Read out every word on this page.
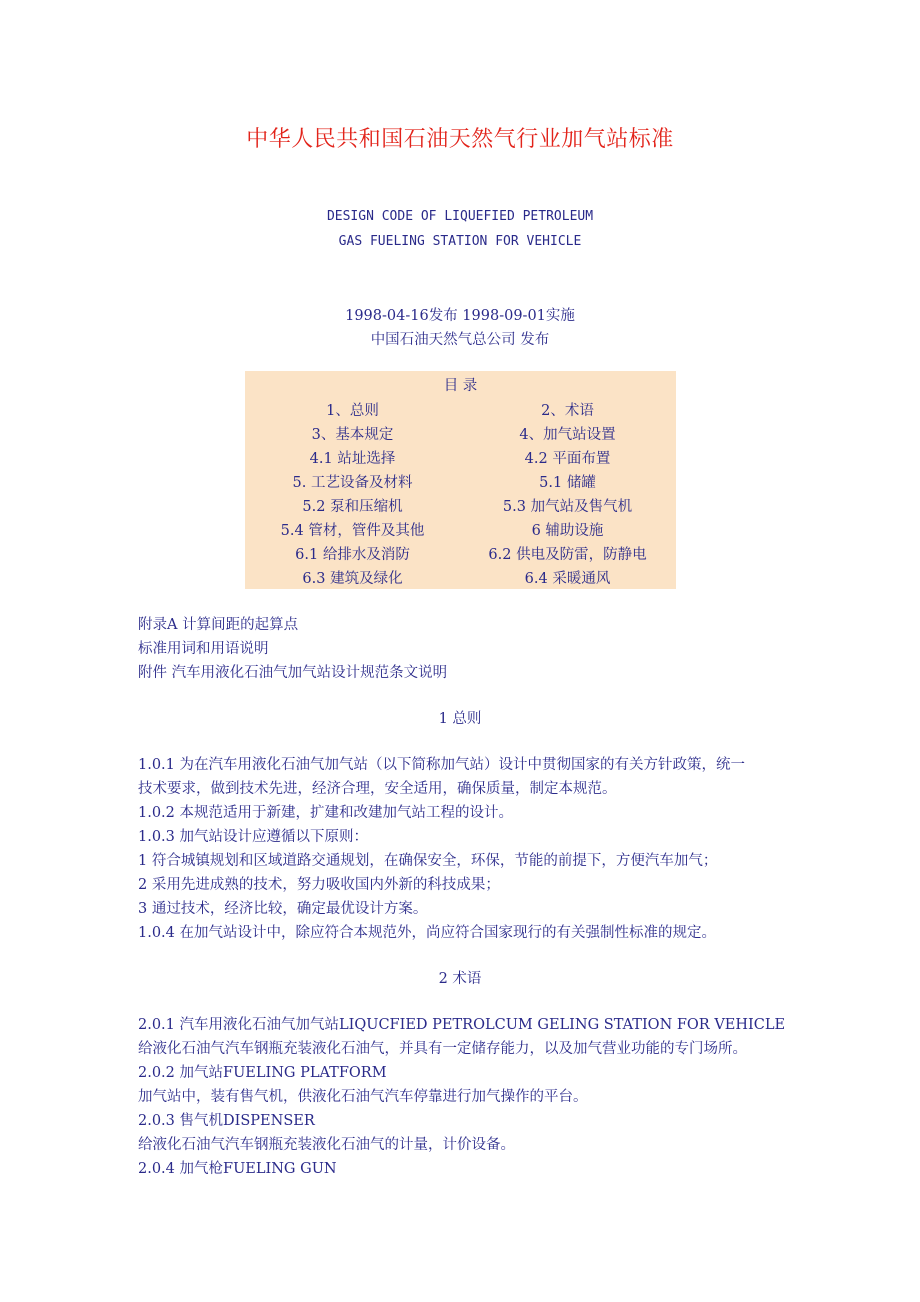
中华人民共和国石油天然气行业加气站标准
DESIGN CODE OF LIQUEFIED PETROLEUM
GAS FUELING STATION FOR VEHICLE
1998-04-16发布 1998-09-01实施
中国石油天然气总公司 发布
目 录
1、总则	2、术语
3、基本规定	4、加气站设置
4.1 站址选择	4.2 平面布置
5. 工艺设备及材料	5.1 储罐
5.2 泵和压缩机	5.3 加气站及售气机
5.4 管材，管件及其他	6 辅助设施
6.1 给排水及消防	6.2 供电及防雷，防静电
6.3 建筑及绿化	6.4 采暖通风
附录A 计算间距的起算点
标准用词和用语说明
附件 汽车用液化石油气加气站设计规范条文说明
1 总则
1.0.1 为在汽车用液化石油气加气站（以下简称加气站）设计中贯彻国家的有关方针政策，统一
技术要求，做到技术先进，经济合理，安全适用，确保质量，制定本规范。
1.0.2 本规范适用于新建，扩建和改建加气站工程的设计。
1.0.3 加气站设计应遵循以下原则：
1 符合城镇规划和区域道路交通规划，在确保安全，环保，节能的前提下，方便汽车加气；
2 采用先进成熟的技术，努力吸收国内外新的科技成果；
3 通过技术，经济比较，确定最优设计方案。
1.0.4 在加气站设计中，除应符合本规范外，尚应符合国家现行的有关强制性标准的规定。
2 术语
2.0.1 汽车用液化石油气加气站LIQUCFIED PETROLCUM GELING STATION FOR VEHICLE
给液化石油气汽车钢瓶充装液化石油气，并具有一定储存能力，以及加气营业功能的专门场所。
2.0.2 加气站FUELING PLATFORM
加气站中，装有售气机，供液化石油气汽车停靠进行加气操作的平台。
2.0.3 售气机DISPENSER
给液化石油气汽车钢瓶充装液化石油气的计量，计价设备。
2.0.4 加气枪FUELING GUN
